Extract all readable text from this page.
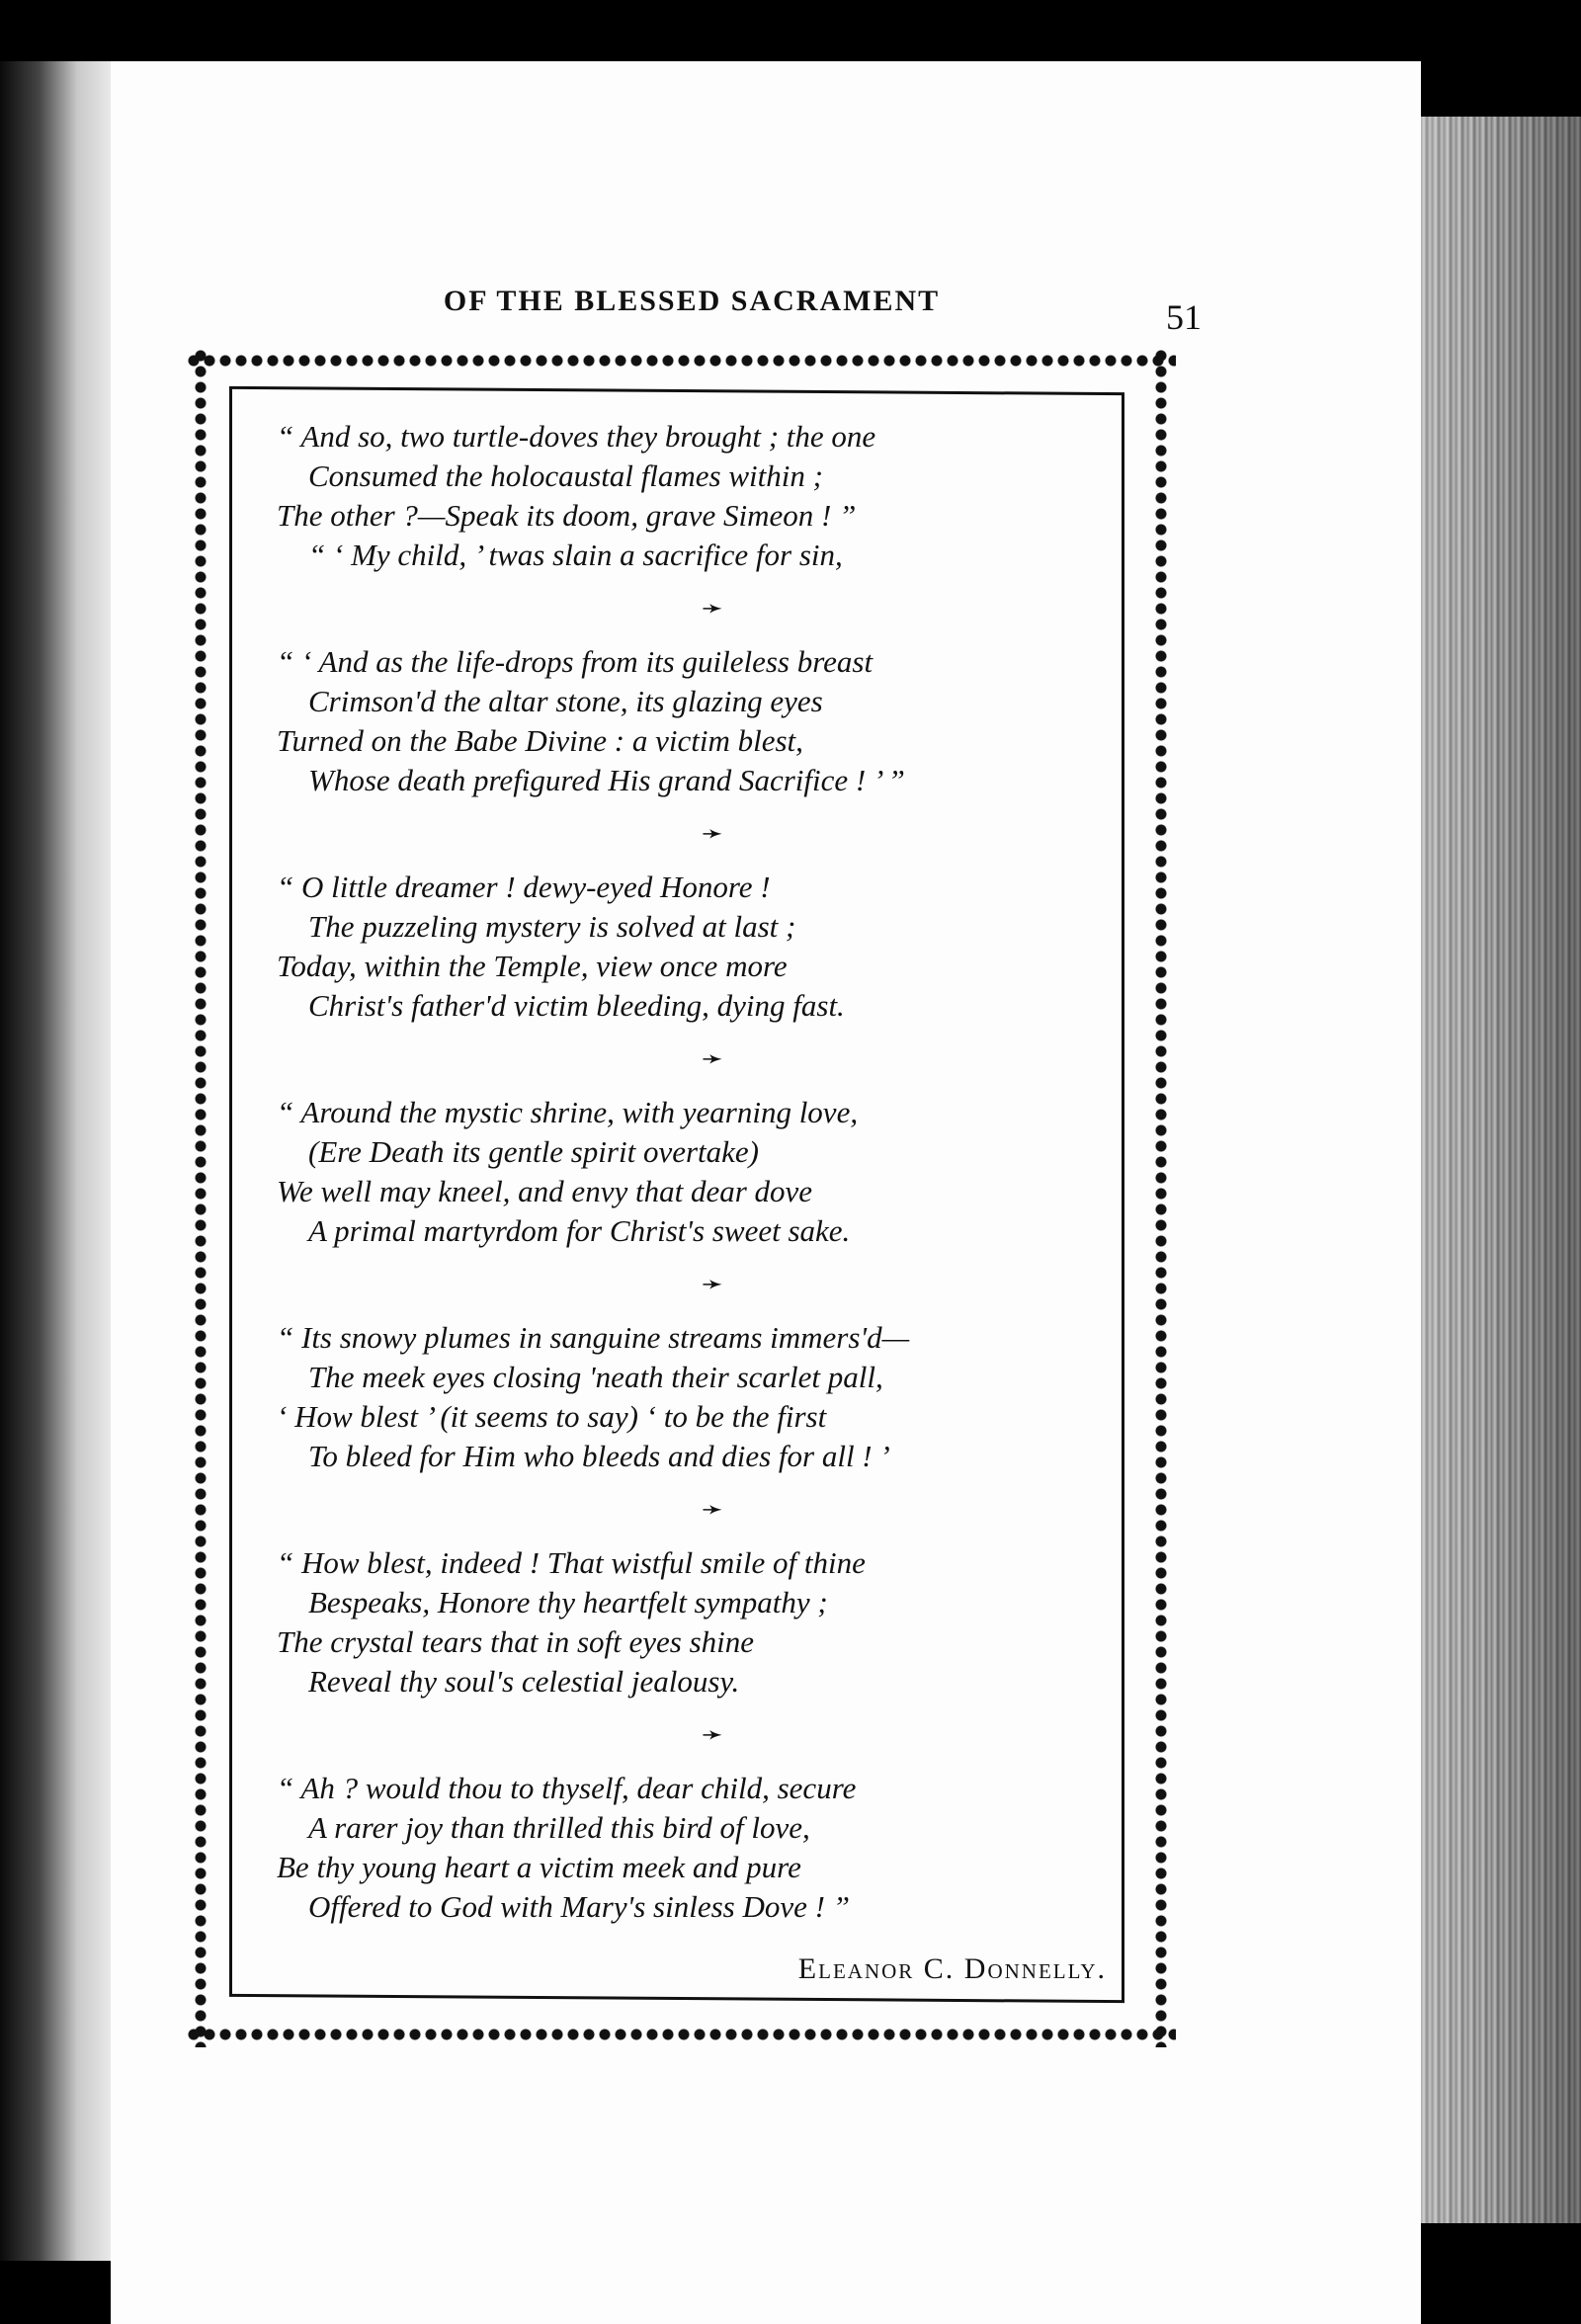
OF THE BLESSED SACRAMENT	51
“ And so, two turtle-doves they brought ; the one
Consumed the holocaustal flames within ;
The other ?—Speak its doom, grave Simeon ! ”
“ ‘ My child, ’ twas slain a sacrifice for sin,
➛
“ ‘ And as the life-drops from its guileless breast
Crimson'd the altar stone, its glazing eyes
Turned on the Babe Divine : a victim blest,
Whose death prefigured His grand Sacrifice ! ’ ”
➛
“ O little dreamer ! dewy-eyed Honore !
The puzzeling mystery is solved at last ;
Today, within the Temple, view once more
Christ's father'd victim bleeding, dying fast.
➛
“ Around the mystic shrine, with yearning love,
(Ere Death its gentle spirit overtake)
We well may kneel, and envy that dear dove
A primal martyrdom for Christ's sweet sake.
➛
“ Its snowy plumes in sanguine streams immers'd—
The meek eyes closing 'neath their scarlet pall,
‘ How blest ’ (it seems to say) ‘ to be the first
To bleed for Him who bleeds and dies for all ! ’
➛
“ How blest, indeed ! That wistful smile of thine
Bespeaks, Honore thy heartfelt sympathy ;
The crystal tears that in soft eyes shine
Reveal thy soul's celestial jealousy.
➛
“ Ah ? would thou to thyself, dear child, secure
A rarer joy than thrilled this bird of love,
Be thy young heart a victim meek and pure
Offered to God with Mary's sinless Dove ! ”
Eleanor C. Donnelly.
